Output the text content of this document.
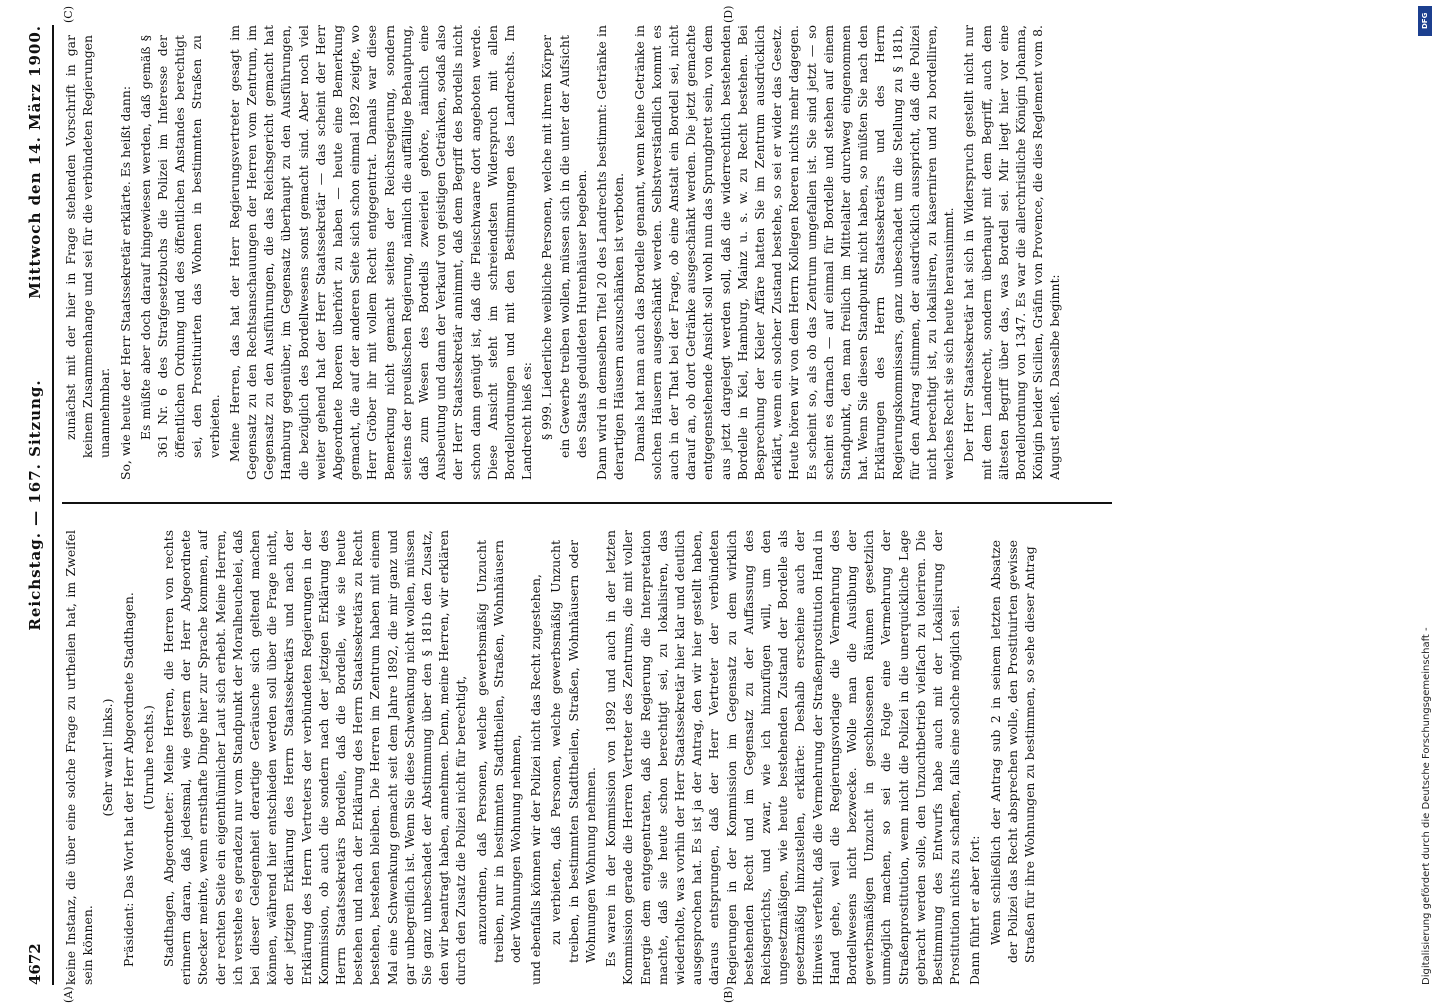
4672
Reichstag. — 167. Sitzung.
Mittwoch den 14. März 1900.

keine Instanz, die über eine solche Frage zu urtheilen hat, im Zweifel sein können.

(Sehr wahr! links.) Präsident: Das Wort hat der Herr Abgeordnete Stadthagen. (Unruhe rechts.) Stadthagen, Abgeordneter: Meine Herren, die Herren von rechts erinnern daran, daß jedesmal, wie gestern der Herr Abgeordnete Stoecker meinte, wenn ernsthafte Dinge hier zur Sprache kommen, auf der rechten Seite ein eigenthümlicher Laut sich erhebt. Meine Herren, ich verstehe es geradezu nur vom Standpunkt der Moralheuchelei, daß bei dieser Gelegenheit derartige Geräusche sich geltend machen können, während hier entschieden werden soll über die Frage nicht, der jetzigen Erklärung des Herrn Staatssekretärs und nach der Erklärung des Herrn Vertreters der verbündeten Regierungen in der Kommission, ob auch die sondern nach der jetzigen Erklärung des Herrn Staatssekretärs Bordelle, daß die Bordelle, wie sie heute bestehen und nach der Erklärung des Herrn Staatssekretärs zu Recht bestehen, bestehen bleiben. Die Herren im Zentrum haben mit einem Mal eine Schwenkung gemacht seit dem Jahre 1892, die mir ganz und gar unbegreiflich ist. Wenn Sie diese Schwenkung nicht wollen, müssen Sie ganz unbeschadet der Abstimmung über den § 181b den Zusatz, den wir beantragt haben, annehmen. Denn, meine Herren, wir erklären durch den Zusatz die Polizei nicht für berechtigt, anzuordnen, daß Personen, welche gewerbsmäßig Unzucht treiben, nur in bestimmten Stadttheilen, Straßen, Wohnhäusern oder Wohnungen Wohnung nehmen, und ebenfalls können wir der Polizei nicht das Recht zugestehen, zu verbieten, daß Personen, welche gewerbsmäßig Unzucht treiben, in bestimmten Stadttheilen, Straßen, Wohnhäusern oder Wohnungen Wohnung nehmen. Es waren in der Kommission von 1892 und auch in der letzten Kommission gerade die Herren Vertreter des Zentrums, die mit voller Energie dem entgegentraten, daß die Regierung die Interpretation machte, daß sie heute schon berechtigt sei, zu lokalisiren, das wiederholte, was vorhin der Herr Staatssekretär hier klar und deutlich ausgesprochen hat. Es ist ja der Antrag, den wir hier gestellt haben, daraus entsprungen, daß der Herr Vertreter der verbündeten Regierungen in der Kommission im Gegensatz zu dem wirklich bestehenden Recht und im Gegensatz zu der Auffassung des Reichsgerichts, und zwar, wie ich hinzufügen will, um den ungesetzmäßigen, wie heute bestehenden Zustand der Bordelle als gesetzmäßig hinzustellen, erklärte: Deshalb erscheine auch der Hinweis verfehlt, daß die Vermehrung der Straßenprostitution Hand in Hand gehe, weil die Regierungsvorlage die Vermehrung des Bordellwesens nicht bezwecke. Wolle man die Ausübung der gewerbsmäßigen Unzucht in geschlossenen Räumen gesetzlich unmöglich machen, so sei die Folge eine Vermehrung der Straßenprostitution, wenn nicht die Polizei in die unerquickliche Lage gebracht werden solle, den Unzuchtbetrieb vielfach zu toleriren. Die Bestimmung des Entwurfs habe auch mit der Lokalisirung der Prostitution nichts zu schaffen, falls eine solche möglich sei. Dann führt er aber fort: Wenn schließlich der Antrag sub 2 in seinem letzten Absatze der Polizei das Recht absprechen wolle, den Prostituirten gewisse Straßen für ihre Wohnungen zu bestimmen, so sehe dieser Antrag

zunächst mit der hier in Frage stehenden Vorschrift in gar keinem Zusammenhange und sei für die verbündeten Regierungen unannehmbar. So, wie heute der Herr Staatssekretär erklärte. Es heißt dann: Es müßte aber doch darauf hingewiesen werden, daß gemäß § 361 Nr. 6 des Strafgesetzbuchs die Polizei im Interesse der öffentlichen Ordnung und des öffentlichen Anstandes berechtigt sei, den Prostituirten das Wohnen in bestimmten Straßen zu verbieten. Meine Herren, das hat der Herr Regierungsvertreter gesagt im Gegensatz zu den Rechtsanschauungen der Herren vom Zentrum, im Gegensatz zu den Ausführungen, die das Reichsgericht gemacht hat Hamburg gegenüber, im Gegensatz überhaupt zu den Ausführungen, die bezüglich des Bordellwesens sonst gemacht sind. Aber noch viel weiter gehend hat der Herr Staatssekretär — das scheint der Herr Abgeordnete Roeren überhört zu haben — heute eine Bemerkung gemacht, die auf der anderen Seite sich schon einmal 1892 zeigte, wo Herr Gröber ihr mit vollem Recht entgegentrat. Damals war diese Bemerkung nicht gemacht seitens der Reichsregierung, sondern seitens der preußischen Regierung, nämlich die auffällige Behauptung, daß zum Wesen des Bordells zweierlei gehöre, nämlich eine Ausbeutung und dann der Verkauf von geistigen Getränken, sodaß also der Herr Staatssekretär annimmt, daß dem Begriff des Bordells nicht schon dann genügt ist, daß die Fleischwaare dort angeboten werde. Diese Ansicht steht im schreiendsten Widerspruch mit allen Bordellordnungen und mit den Bestimmungen des Landrechts. Im Landrecht hieß es: § 999. Liederliche weibliche Personen, welche mit ihrem Körper ein Gewerbe treiben wollen, müssen sich in die unter der Aufsicht des Staats geduldeten Hurenhäuser begeben. Dann wird in demselben Titel 20 des Landrechts bestimmt: Getränke in derartigen Häusern auszuschänken ist verboten. Damals hat man auch das Bordelle genannt, wenn keine Getränke in solchen Häusern ausgeschänkt werden. Selbstverständlich kommt es auch in der That bei der Frage, ob eine Anstalt ein Bordell sei, nicht darauf an, ob dort Getränke ausgeschänkt werden. Die jetzt gemachte entgegenstehende Ansicht soll wohl nun das Sprungbrett sein, von dem aus jetzt dargelegt werden soll, daß die widerrechtlich bestehenden Bordelle in Kiel, Hamburg, Mainz u. s. w. zu Recht bestehen. Bei Besprechung der Kieler Affäre hatten Sie im Zentrum ausdrücklich erklärt, wenn ein solcher Zustand bestehe, so sei er wider das Gesetz. Heute hören wir von dem Herrn Kollegen Roeren nichts mehr dagegen. Es scheint so, als ob das Zentrum umgefallen ist. Sie sind jetzt — so scheint es darnach — auf einmal für Bordelle und stehen auf einem Standpunkt, den man freilich im Mittelalter durchweg eingenommen hat. Wenn Sie diesen Standpunkt nicht haben, so müßten Sie nach den Erklärungen des Herrn Staatssekretärs und des Herrn Regierungskommissars, ganz unbeschadet um die Stellung zu § 181b, für den Antrag stimmen, der ausdrücklich ausspricht, daß die Polizei nicht berechtigt ist, zu lokalisiren, zu kaserniren und zu bordelliren, welches Recht sie sich heute herausnimmt. Der Herr Staatssekretär hat sich in Widerspruch gestellt nicht nur mit dem Landrecht, sondern überhaupt mit dem Begriff, auch dem ältesten Begriff über das, was Bordell sei. Mir liegt hier vor eine Bordellordnung von 1347. Es war die allerchristliche Königin Johanna, Königin beider Sicilien, Gräfin von Provence, die dies Reglement vom 8. August erließ. Dasselbe beginnt:

(A)	(B)
(C)	(D)
Digitalisierung gefördert durch die Deutsche Forschungsgemeinschaft -
DFG
